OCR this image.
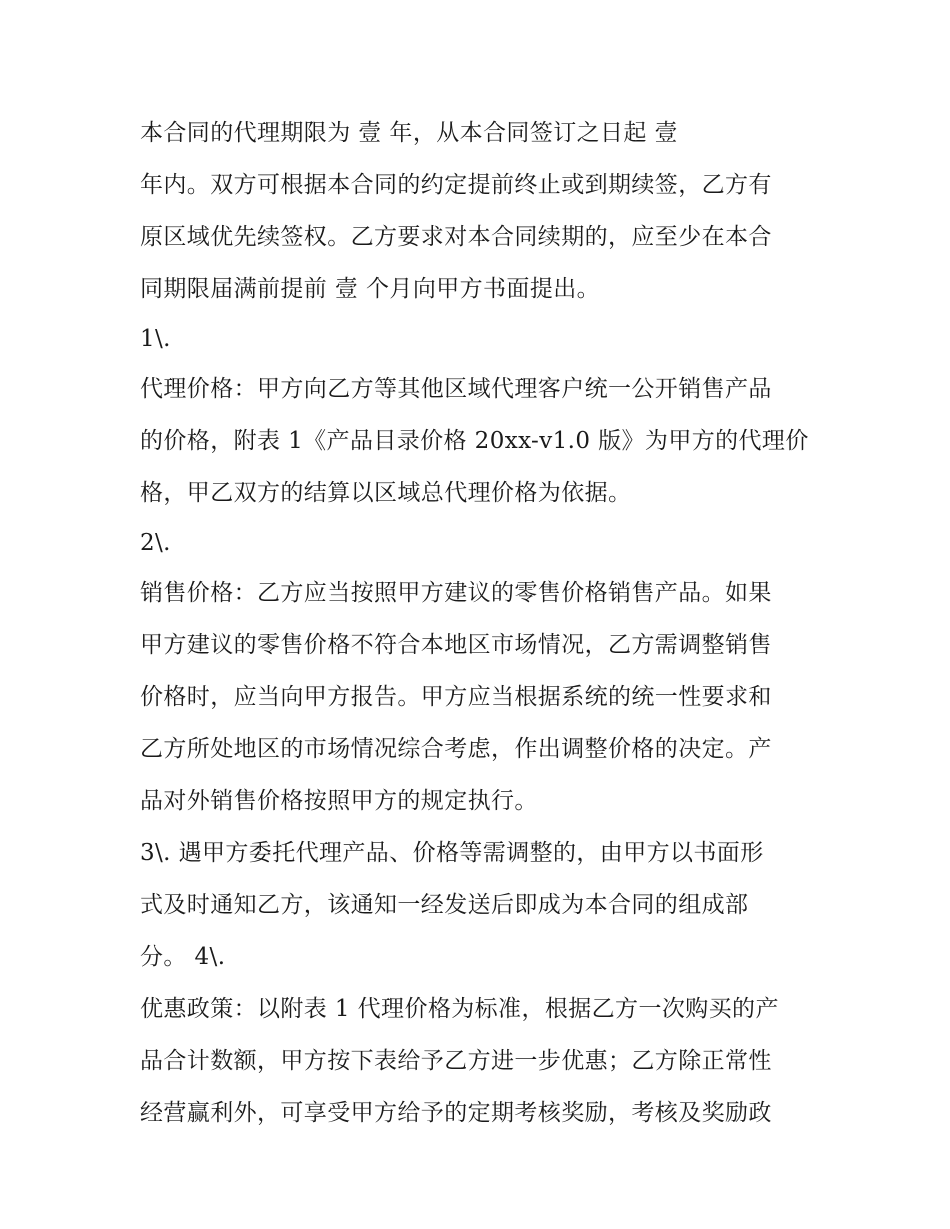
本合同的代理期限为 壹 年，从本合同签订之日起 壹
年内。双方可根据本合同的约定提前终止或到期续签，乙方有
原区域优先续签权。乙方要求对本合同续期的，应至少在本合
同期限届满前提前 壹 个月向甲方书面提出。
1\.
代理价格：甲方向乙方等其他区域代理客户统一公开销售产品
的价格，附表 1《产品目录价格 20xx-v1.0 版》为甲方的代理价
格，甲乙双方的结算以区域总代理价格为依据。
2\.
销售价格：乙方应当按照甲方建议的零售价格销售产品。如果
甲方建议的零售价格不符合本地区市场情况，乙方需调整销售
价格时，应当向甲方报告。甲方应当根据系统的统一性要求和
乙方所处地区的市场情况综合考虑，作出调整价格的决定。产
品对外销售价格按照甲方的规定执行。
3\. 遇甲方委托代理产品、价格等需调整的，由甲方以书面形
式及时通知乙方，该通知一经发送后即成为本合同的组成部
分。 4\.
优惠政策：以附表 1 代理价格为标准，根据乙方一次购买的产
品合计数额，甲方按下表给予乙方进一步优惠；乙方除正常性
经营赢利外，可享受甲方给予的定期考核奖励，考核及奖励政
